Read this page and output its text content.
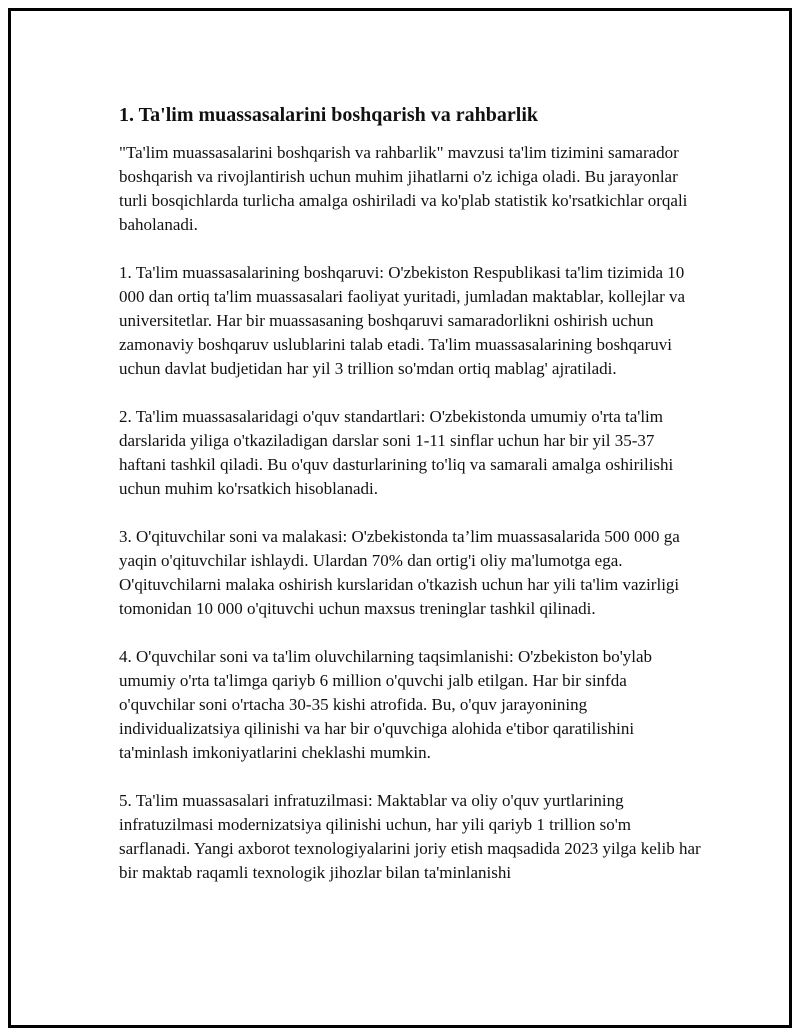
1. Ta'lim muassasalarini boshqarish va rahbarlik

"Ta'lim muassasalarini boshqarish va rahbarlik" mavzusi ta'lim tizimini samarador boshqarish va rivojlantirish uchun muhim jihatlarni o'z ichiga oladi. Bu jarayonlar turli bosqichlarda turlicha amalga oshiriladi va ko'plab statistik ko'rsatkichlar orqali baholanadi.

1. Ta'lim muassasalarining boshqaruvi: O'zbekiston Respublikasi ta'lim tizimida 10 000 dan ortiq ta'lim muassasalari faoliyat yuritadi, jumladan maktablar, kollejlar va universitetlar. Har bir muassasaning boshqaruvi samaradorlikni oshirish uchun zamonaviy boshqaruv uslublarini talab etadi. Ta'lim muassasalarining boshqaruvi uchun davlat budjetidan har yil 3 trillion so'mdan ortiq mablag' ajratiladi.

2. Ta'lim muassasalaridagi o'quv standartlari: O'zbekistonda umumiy o'rta ta'lim darslarida yiliga o'tkaziladigan darslar soni 1-11 sinflar uchun har bir yil 35-37 haftani tashkil qiladi. Bu o'quv dasturlarining to'liq va samarali amalga oshirilishi uchun muhim ko'rsatkich hisoblanadi.

3. O'qituvchilar soni va malakasi: O'zbekistonda ta’lim muassasalarida 500 000 ga yaqin o'qituvchilar ishlaydi. Ulardan 70% dan ortig'i oliy ma'lumotga ega. O'qituvchilarni malaka oshirish kurslaridan o'tkazish uchun har yili ta'lim vazirligi tomonidan 10 000 o'qituvchi uchun maxsus treninglar tashkil qilinadi.

4. O'quvchilar soni va ta'lim oluvchilarning taqsimlanishi: O'zbekiston bo'ylab umumiy o'rta ta'limga qariyb 6 million o'quvchi jalb etilgan. Har bir sinfda o'quvchilar soni o'rtacha 30-35 kishi atrofida. Bu, o'quv jarayonining individualizatsiya qilinishi va har bir o'quvchiga alohida e'tibor qaratilishini ta'minlash imkoniyatlarini cheklashi mumkin.

5. Ta'lim muassasalari infratuzilmasi: Maktablar va oliy o'quv yurtlarining infratuzilmasi modernizatsiya qilinishi uchun, har yili qariyb 1 trillion so'm sarflanadi. Yangi axborot texnologiyalarini joriy etish maqsadida 2023 yilga kelib har bir maktab raqamli texnologik jihozlar bilan ta'minlanishi
